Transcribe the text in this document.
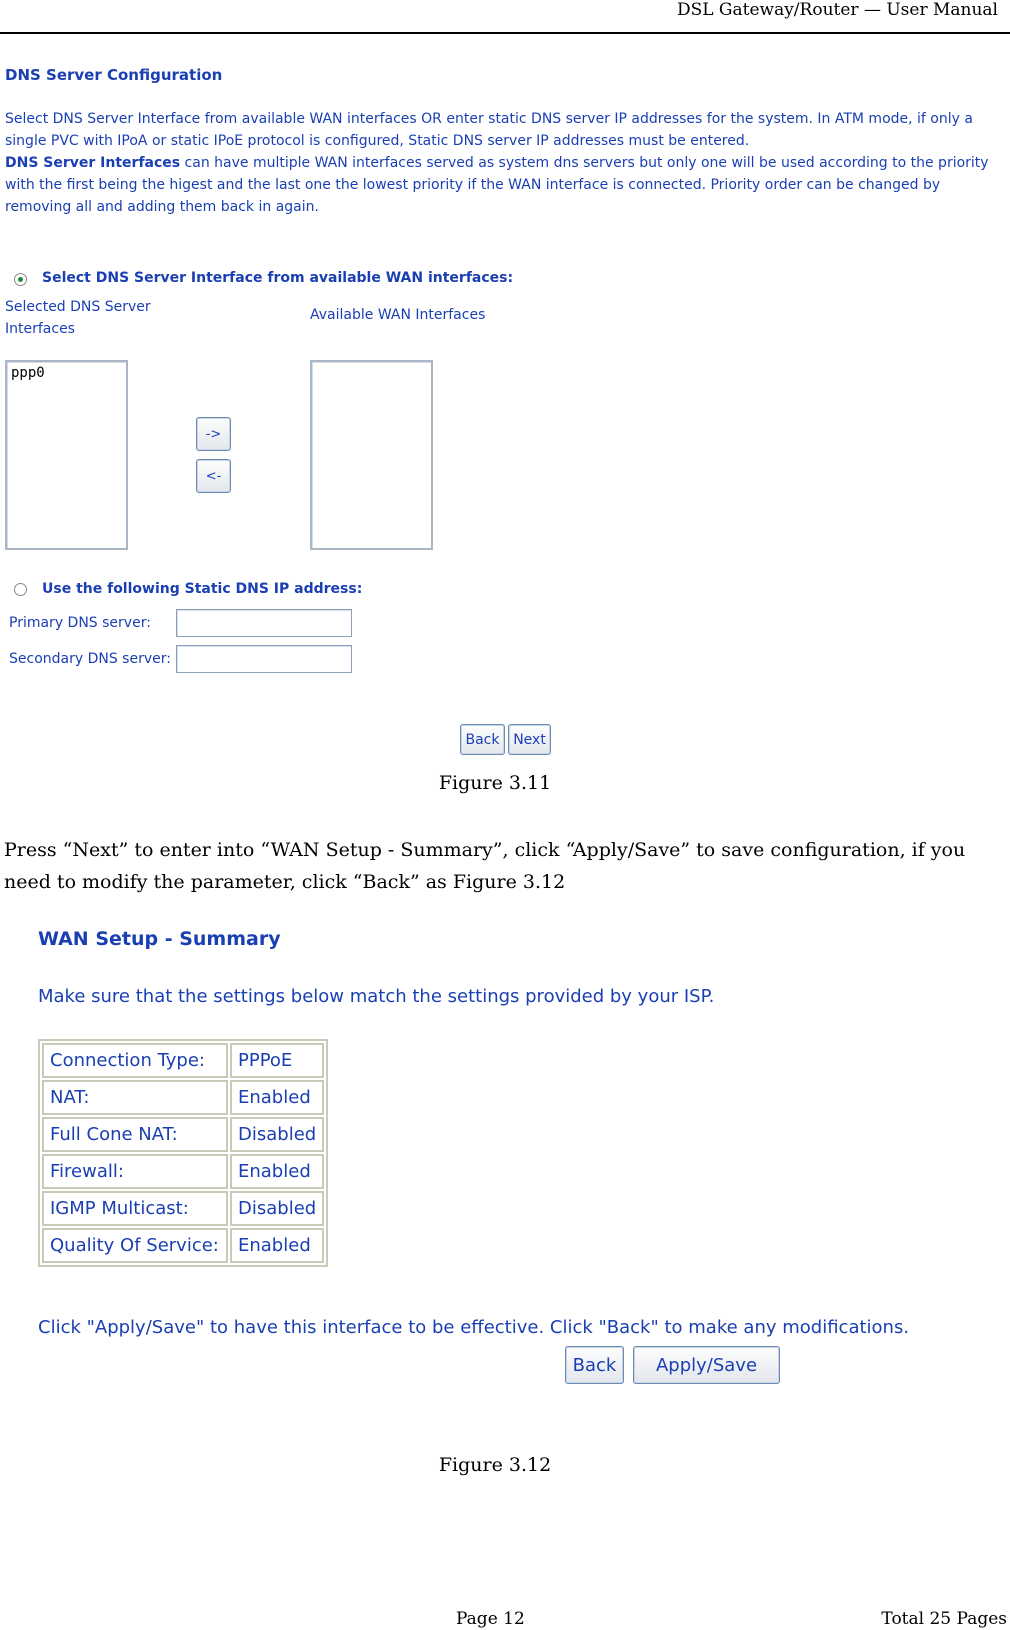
DSL Gateway/Router — User Manual
DNS Server Configuration
Select DNS Server Interface from available WAN interfaces OR enter static DNS server IP addresses for the system. In ATM mode, if only a single PVC with IPoA or static IPoE protocol is configured, Static DNS server IP addresses must be entered.
DNS Server Interfaces can have multiple WAN interfaces served as system dns servers but only one will be used according to the priority with the first being the higest and the last one the lowest priority if the WAN interface is connected. Priority order can be changed by removing all and adding them back in again.
Select DNS Server Interface from available WAN interfaces:
Selected DNS Server Interfaces
Available WAN Interfaces
ppp0
->
<-
Use the following Static DNS IP address:
Primary DNS server:
Secondary DNS server:
Back Next
Figure 3.11
Press “Next” to enter into “WAN Setup - Summary”, click “Apply/Save” to save configuration, if you need to modify the parameter, click “Back” as Figure 3.12
WAN Setup - Summary
Make sure that the settings below match the settings provided by your ISP.
Connection Type:	PPPoE
NAT:	Enabled
Full Cone NAT:	Disabled
Firewall:	Enabled
IGMP Multicast:	Disabled
Quality Of Service:	Enabled
Click "Apply/Save" to have this interface to be effective. Click "Back" to make any modifications.
Back	Apply/Save
Figure 3.12
Page 12	Total 25 Pages
